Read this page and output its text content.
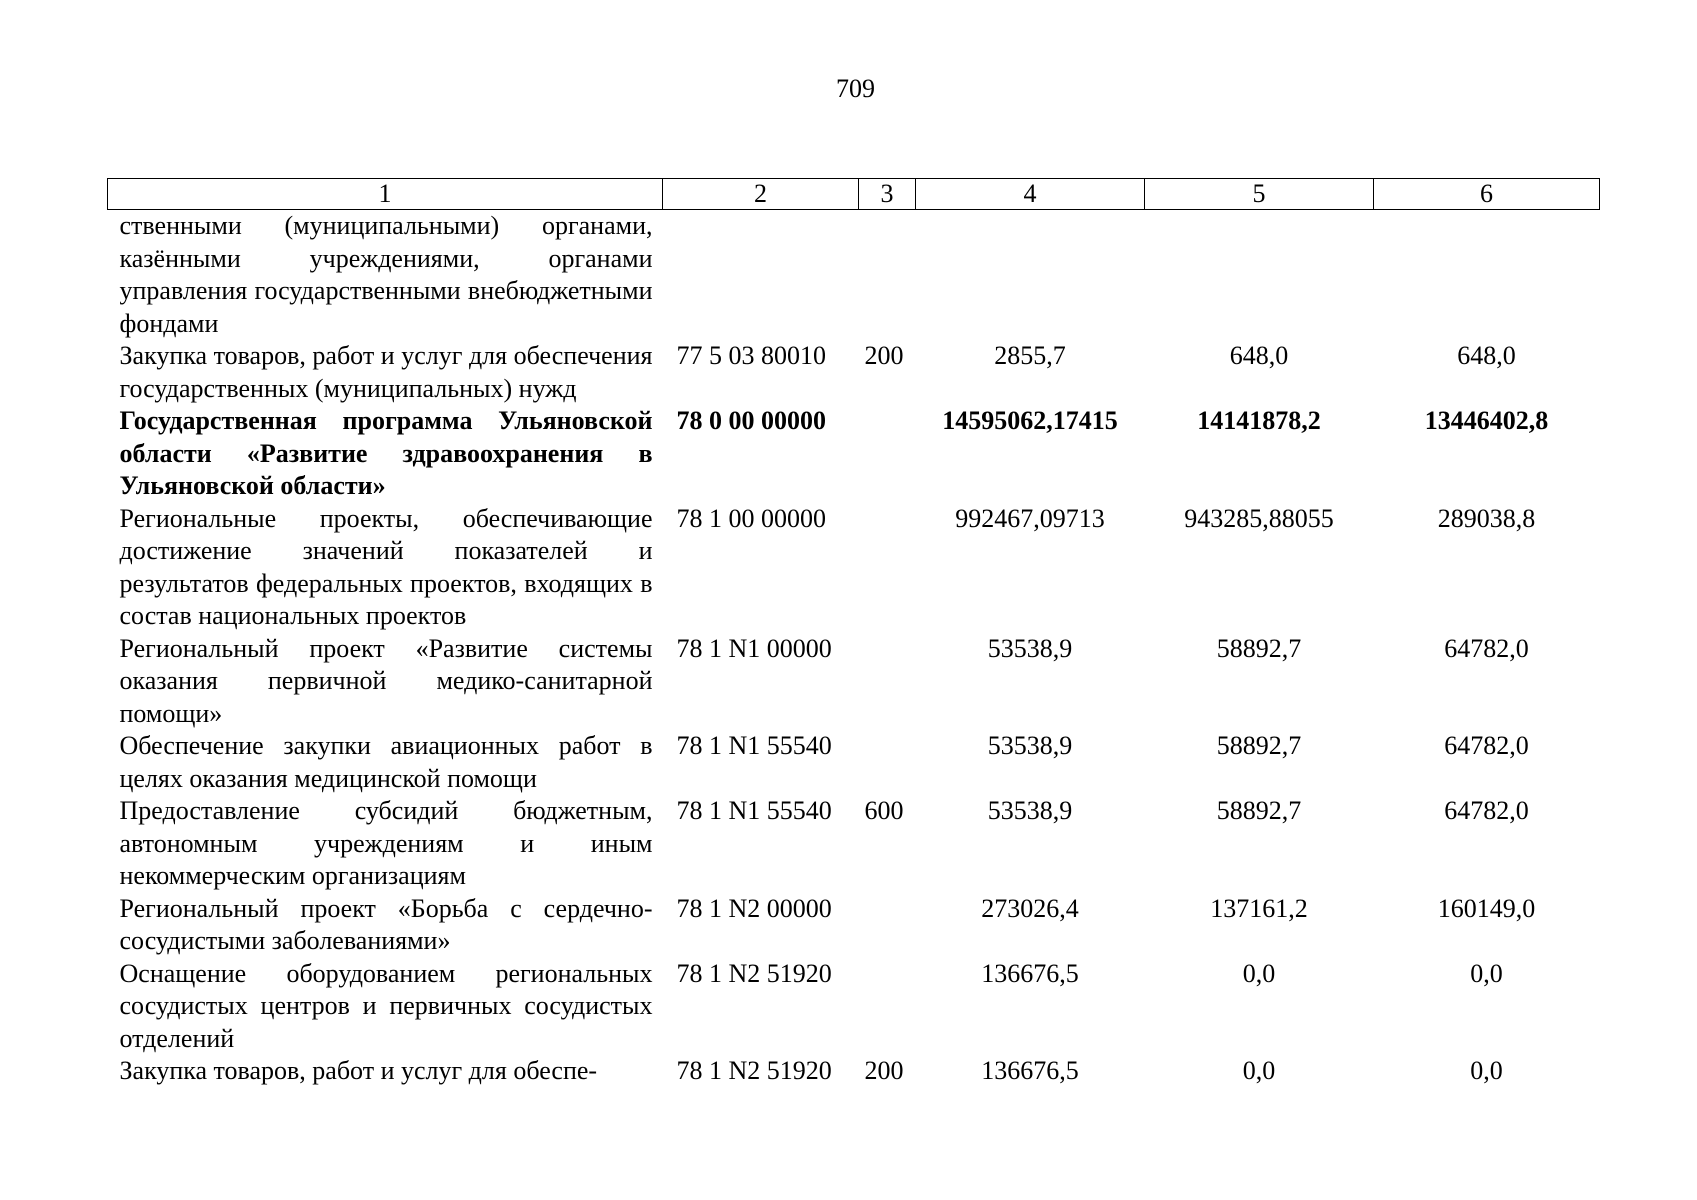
709
1	2	3	4	5	6
ственными (муниципальными) органами, казёнными учреждениями, органами управления государственными внебюджетными фондами					
Закупка товаров, работ и услуг для обеспечения государственных (муниципальных) нужд	77 5 03 80010	200	2855,7	648,0	648,0
Государственная программа Ульяновской области «Развитие здравоохранения в Ульяновской области»	78 0 00 00000		14595062,17415	14141878,2	13446402,8
Региональные проекты, обеспечивающие достижение значений показателей и результатов федеральных проектов, входящих в состав национальных проектов	78 1 00 00000		992467,09713	943285,88055	289038,8
Региональный проект «Развитие системы оказания первичной медико-санитарной помощи»	78 1 N1 00000		53538,9	58892,7	64782,0
Обеспечение закупки авиационных работ в целях оказания медицинской помощи	78 1 N1 55540		53538,9	58892,7	64782,0
Предоставление субсидий бюджетным, автономным учреждениям и иным некоммерческим организациям	78 1 N1 55540	600	53538,9	58892,7	64782,0
Региональный проект «Борьба с сердечно-сосудистыми заболеваниями»	78 1 N2 00000		273026,4	137161,2	160149,0
Оснащение оборудованием региональных сосудистых центров и первичных сосудистых отделений	78 1 N2 51920		136676,5	0,0	0,0
Закупка товаров, работ и услуг для обеспе-	78 1 N2 51920	200	136676,5	0,0	0,0
